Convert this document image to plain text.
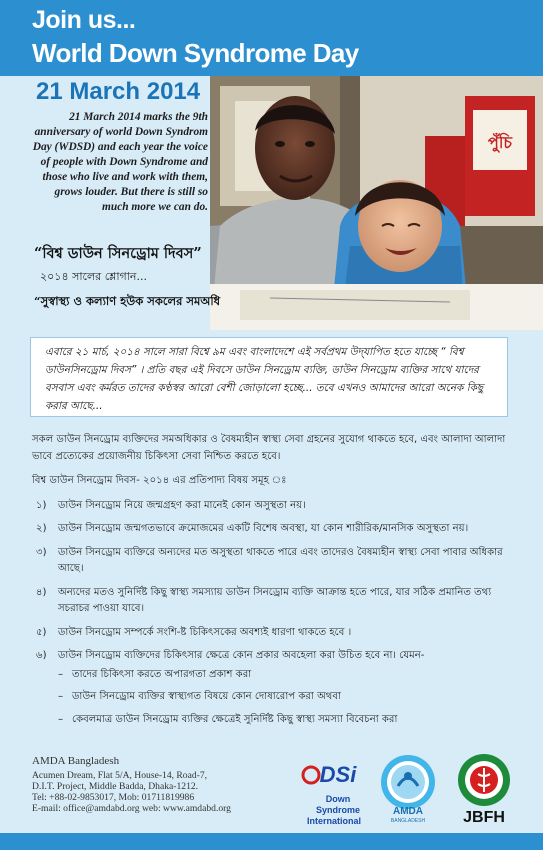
Join us...
World Down Syndrome Day
21 March 2014
21 March 2014 marks the 9th anniversary of world Down Syndrom Day (WDSD) and each year the voice of people with Down Syndrome and those who live and work with them, grows louder. But there is still so much more we can do.
পুঁচি
“বিশ্ব ডাউন সিনড্রোম দিবস”
২০১৪ সালের শ্লোগান...
“সুস্বাস্থ্য ও কল্যাণ হউক সকলের সমঅধি
এবারে ২১ মার্চ, ২০১৪ সালে সারা বিশ্বে ৯ম এবং বাংলাদেশে এই সর্বপ্রথম উদ্‌যাপিত হতে যাচ্ছে “ বিশ্ব ডাউনসিনড্রোম দিবস” । প্রতি বছর এই দিবসে ডাউন সিনড্রোম ব্যক্তি, ডাউন সিনড্রোম ব্যক্তির সাথে যাদের বসবাস এবং কর্মরত তাদের কণ্ঠস্বর আরো বেশী জোড়ালো হচ্ছে... তবে এখনও আমাদের আরো অনেক কিছু করার আছে...

সকল ডাউন সিনড্রোম ব্যক্তিদের সমঅধিকার ও বৈষম্যহীন স্বাস্থ্য সেবা গ্রহনের সুযোগ থাকতে হবে, এবং আলাদা আলাদা ভাবে প্রত্যেকের প্রয়োজনীয় চিকিৎসা সেবা নিশ্চিত করতে হবে।

বিশ্ব ডাউন সিনড্রোম দিবস- ২০১৪ এর প্রতিপাদ্য বিষয় সমূহ ঃ

১) ডাউন সিনড্রোম নিয়ে জন্মগ্রহণ করা মানেই কোন অসুস্থতা নয়।
২) ডাউন সিনড্রোম জন্মগতভাবে ক্রমোজমের একটি বিশেষ অবস্থা, যা কোন শারীরিক/মানসিক অসুস্থতা নয়।
৩) ডাউন সিনড্রোম ব্যক্তিরে অন্যদের মত অসুস্থতা থাকতে পারে এবং তাদেরও বৈষম্যহীন স্বাস্থ্য সেবা পাবার অধিকার আছে।
৪) অন্যদের মতও সুনির্দিষ্ট কিছু স্বাস্থ্য সমস্যায় ডাউন সিনড্রোম ব্যক্তি আক্রান্ত হতে পারে, যার সঠিক প্রমানিত তথ্য সচরাচর পাওয়া যাবে।
৫) ডাউন সিনড্রোম সম্পর্কে সংশি-ষ্ট চিকিৎসকের অবশ্যই ধারণা থাকতে হবে ।
৬) ডাউন সিনড্রোম ব্যক্তিদের চিকিৎসার ক্ষেত্রে কোন প্রকার অবহেলা করা উচিত হবে না। যেমন-
– তাদের চিকিৎসা করতে অপারগতা প্রকাশ করা
– ডাউন সিনড্রোম ব্যক্তির স্বাস্থ্যগত বিষয়ে কোন দোষারোপ করা অথবা
– কেবলমাত্র ডাউন সিনড্রোম ব্যক্তির ক্ষেত্রেই সুনির্দিষ্ট কিছু স্বাস্থ্য সমস্যা বিবেচনা করা
AMDA Bangladesh
Acumen Dream, Flat 5/A, House-14, Road-7,
D.I.T. Project, Middle Badda, Dhaka-1212.
Tel: +88-02-9853017, Mob: 01711819986
E-mail: office@amdabd.org web: www.amdabd.org
DSi
Down
Syndrome
International
AMDA
BANGLADESH JBFH
